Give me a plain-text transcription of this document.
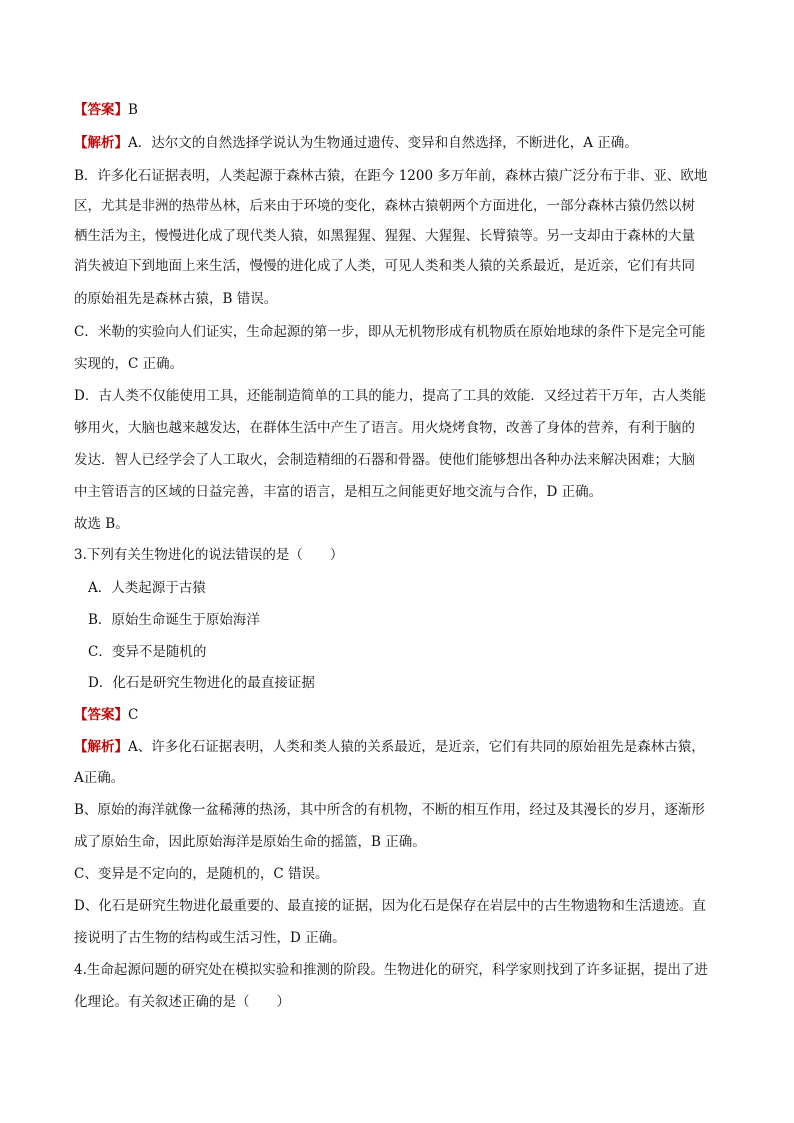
【答案】B
【解析】A．达尔文的自然选择学说认为生物通过遗传、变异和自然选择，不断进化，A 正确。
B．许多化石证据表明，人类起源于森林古猿，在距今 1200 多万年前，森林古猿广泛分布于非、亚、欧地
区，尤其是非洲的热带丛林，后来由于环境的变化，森林古猿朝两个方面进化，一部分森林古猿仍然以树
栖生活为主，慢慢进化成了现代类人猿，如黑猩猩、猩猩、大猩猩、长臂猿等。另一支却由于森林的大量
消失被迫下到地面上来生活，慢慢的进化成了人类，可见人类和类人猿的关系最近，是近亲，它们有共同
的原始祖先是森林古猿，B 错误。
C．米勒的实验向人们证实，生命起源的第一步，即从无机物形成有机物质在原始地球的条件下是完全可能
实现的，C 正确。
D．古人类不仅能使用工具，还能制造简单的工具的能力，提高了工具的效能．又经过若干万年，古人类能
够用火，大脑也越来越发达，在群体生活中产生了语言。用火烧烤食物，改善了身体的营养，有利于脑的
发达．智人已经学会了人工取火，会制造精细的石器和骨器。使他们能够想出各种办法来解决困难；大脑
中主管语言的区域的日益完善，丰富的语言，是相互之间能更好地交流与合作，D 正确。
故选 B。
3.下列有关生物进化的说法错误的是（　　）
A．人类起源于古猿
B．原始生命诞生于原始海洋
C．变异不是随机的
D．化石是研究生物进化的最直接证据
【答案】C
【解析】A、许多化石证据表明，人类和类人猿的关系最近，是近亲，它们有共同的原始祖先是森林古猿，
A正确。
B、原始的海洋就像一盆稀薄的热汤，其中所含的有机物，不断的相互作用，经过及其漫长的岁月，逐渐形
成了原始生命，因此原始海洋是原始生命的摇篮，B 正确。
C、变异是不定向的，是随机的，C 错误。
D、化石是研究生物进化最重要的、最直接的证据，因为化石是保存在岩层中的古生物遗物和生活遗迹。直
接说明了古生物的结构或生活习性，D 正确。
4.生命起源问题的研究处在模拟实验和推测的阶段。生物进化的研究，科学家则找到了许多证据，提出了进
化理论。有关叙述正确的是（　　）
